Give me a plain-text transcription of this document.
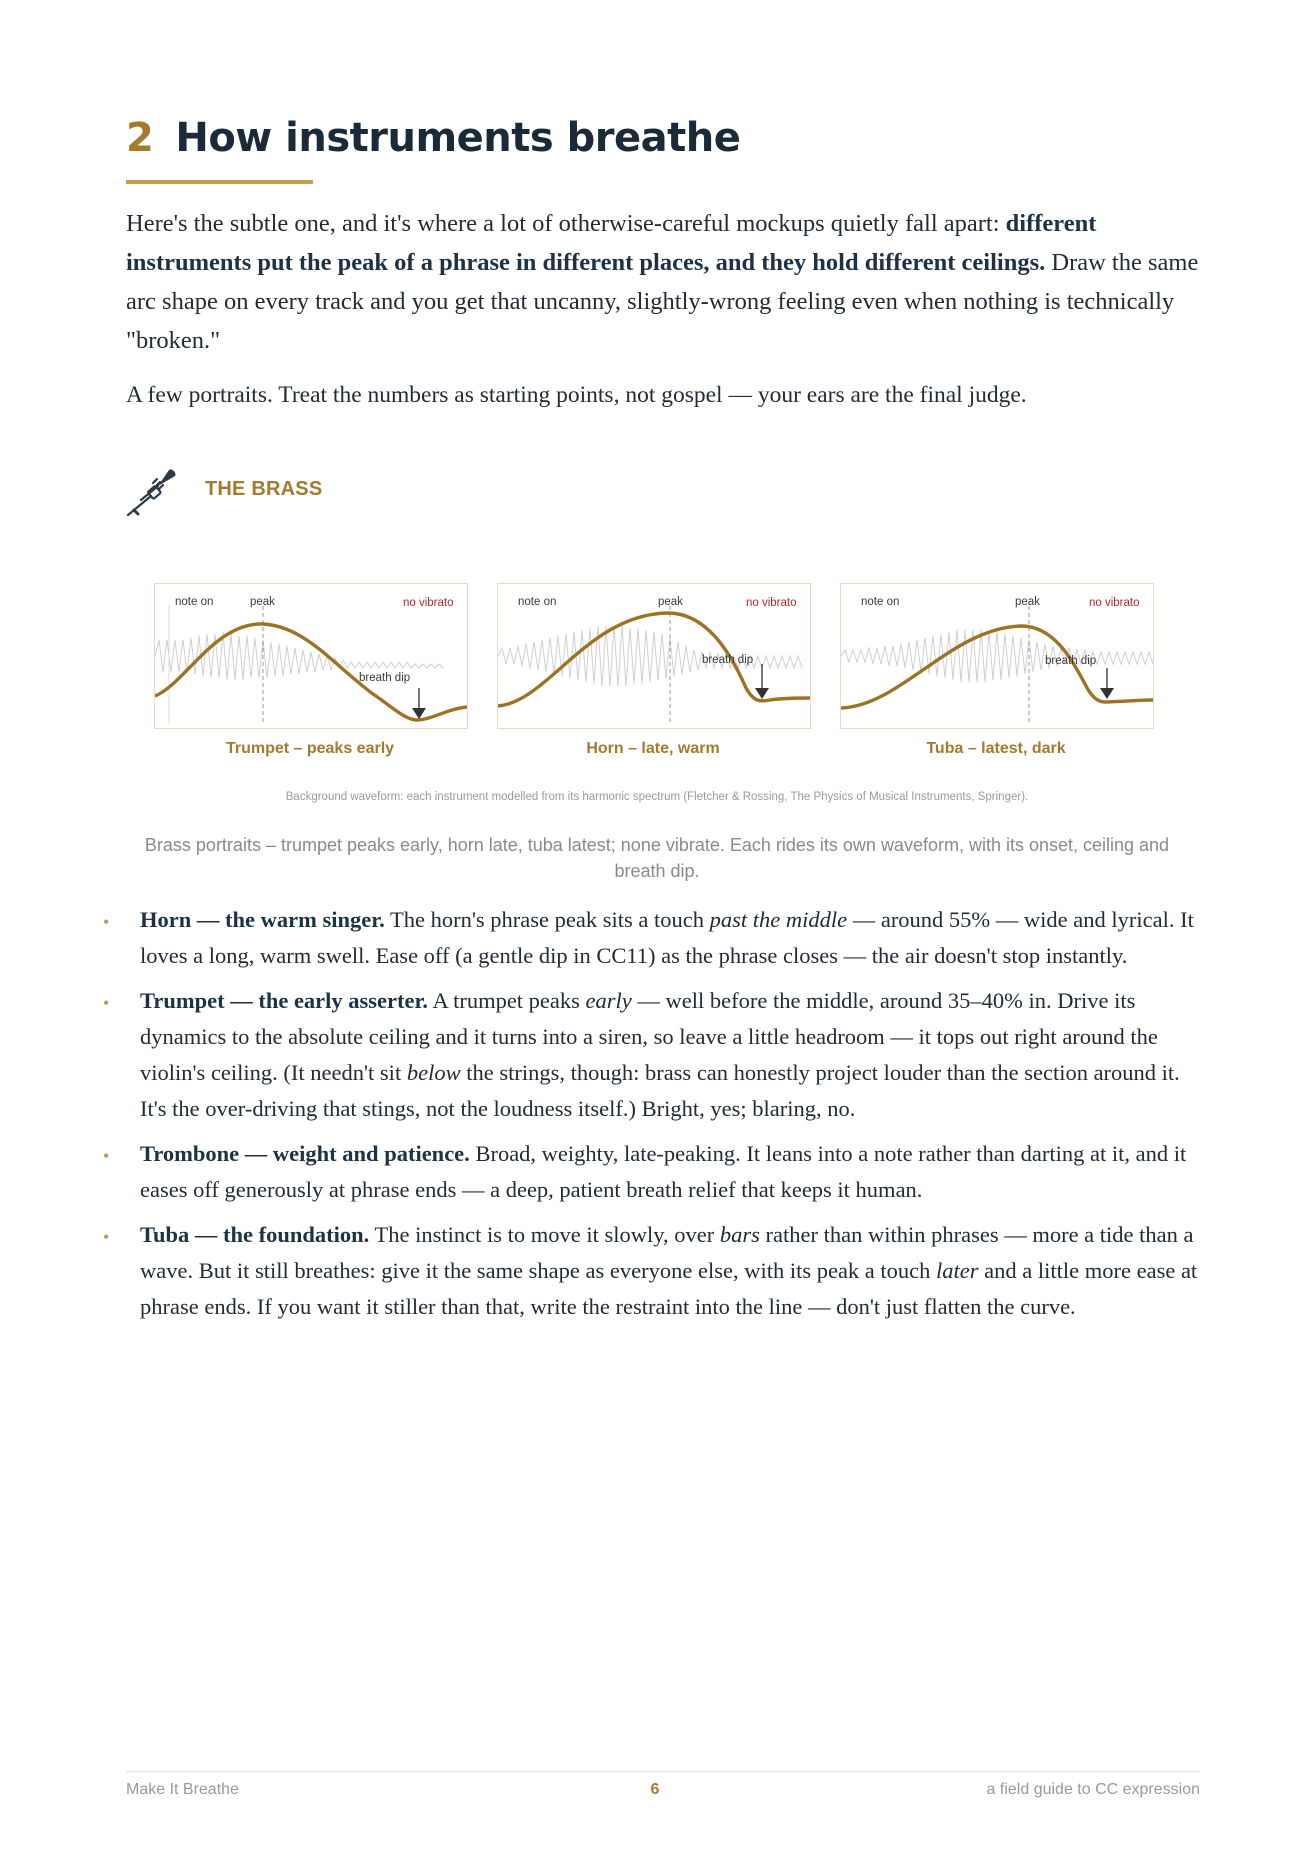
2 How instruments breathe

Here's the subtle one, and it's where a lot of otherwise-careful mockups quietly fall apart: different instruments put the peak of a phrase in different places, and they hold different ceilings. Draw the same arc shape on every track and you get that uncanny, slightly-wrong feeling even when nothing is technically "broken."

A few portraits. Treat the numbers as starting points, not gospel — your ears are the final judge.

THE BRASS
note on	peak	no vibrato
breath dip
Trumpet – peaks early
note on	peak	no vibrato
breath dip
Horn – late, warm
note on	peak	no vibrato
breath dip
Tuba – latest, dark
Background waveform: each instrument modelled from its harmonic spectrum (Fletcher & Rossing, The Physics of Musical Instruments, Springer).
Brass portraits – trumpet peaks early, horn late, tuba latest; none vibrate. Each rides its own waveform, with its onset, ceiling and breath dip.
• Horn — the warm singer. The horn's phrase peak sits a touch past the middle — around 55% — wide and lyrical. It loves a long, warm swell. Ease off (a gentle dip in CC11) as the phrase closes — the air doesn't stop instantly.
• Trumpet — the early asserter. A trumpet peaks early — well before the middle, around 35–40% in. Drive its dynamics to the absolute ceiling and it turns into a siren, so leave a little headroom — it tops out right around the violin's ceiling. (It needn't sit below the strings, though: brass can honestly project louder than the section around it. It's the over-driving that stings, not the loudness itself.) Bright, yes; blaring, no.
• Trombone — weight and patience. Broad, weighty, late-peaking. It leans into a note rather than darting at it, and it eases off generously at phrase ends — a deep, patient breath relief that keeps it human.
• Tuba — the foundation. The instinct is to move it slowly, over bars rather than within phrases — more a tide than a wave. But it still breathes: give it the same shape as everyone else, with its peak a touch later and a little more ease at phrase ends. If you want it stiller than that, write the restraint into the line — don't just flatten the curve.
Make It Breathe	6	a field guide to CC expression
